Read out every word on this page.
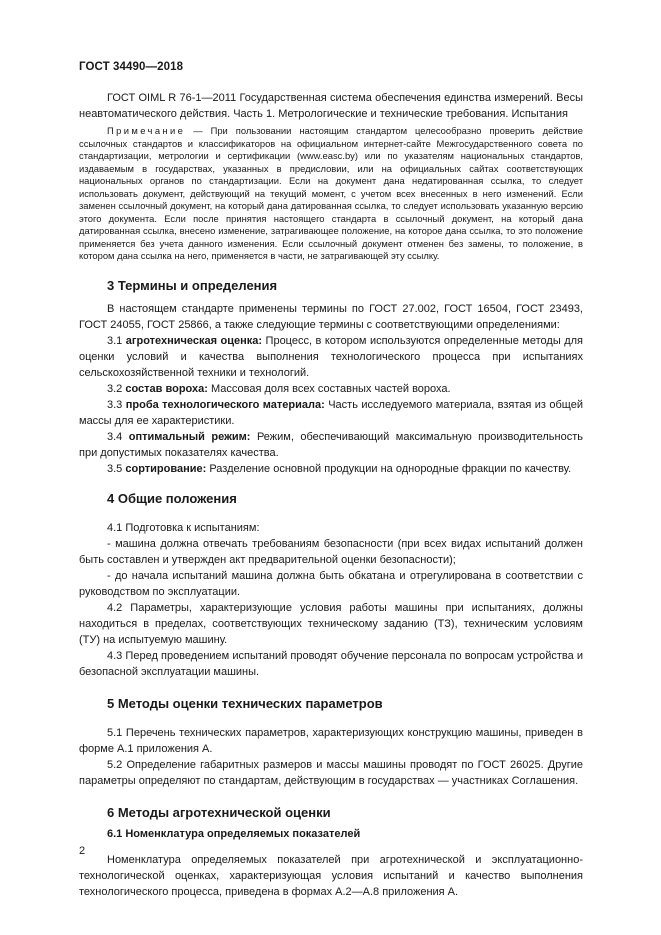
ГОСТ 34490—2018

ГОСТ OIML R 76-1—2011 Государственная система обеспечения единства измерений. Весы неавтоматического действия. Часть 1. Метрологические и технические требования. Испытания

Примечание — При пользовании настоящим стандартом целесообразно проверить действие ссылочных стандартов и классификаторов на официальном интернет-сайте Межгосударственного совета по стандартизации, метрологии и сертификации (www.easc.by) или по указателям национальных стандартов, издаваемым в государствах, указанных в предисловии, или на официальных сайтах соответствующих национальных органов по стандартизации. Если на документ дана недатированная ссылка, то следует использовать документ, действующий на текущий момент, с учетом всех внесенных в него изменений. Если заменен ссылочный документ, на который дана датированная ссылка, то следует использовать указанную версию этого документа. Если после принятия настоящего стандарта в ссылочный документ, на который дана датированная ссылка, внесено изменение, затрагивающее положение, на которое дана ссылка, то это положение применяется без учета данного изменения. Если ссылочный документ отменен без замены, то положение, в котором дана ссылка на него, применяется в части, не затрагивающей эту ссылку.

3 Термины и определения

В настоящем стандарте применены термины по ГОСТ 27.002, ГОСТ 16504, ГОСТ 23493, ГОСТ 24055, ГОСТ 25866, а также следующие термины с соответствующими определениями:

3.1 агротехническая оценка: Процесс, в котором используются определенные методы для оценки условий и качества выполнения технологического процесса при испытаниях сельскохозяйственной техники и технологий.

3.2 состав вороха: Массовая доля всех составных частей вороха.

3.3 проба технологического материала: Часть исследуемого материала, взятая из общей массы для ее характеристики.

3.4 оптимальный режим: Режим, обеспечивающий максимальную производительность при допустимых показателях качества.

3.5 сортирование: Разделение основной продукции на однородные фракции по качеству.

4 Общие положения

4.1 Подготовка к испытаниям:

- машина должна отвечать требованиям безопасности (при всех видах испытаний должен быть составлен и утвержден акт предварительной оценки безопасности);

- до начала испытаний машина должна быть обкатана и отрегулирована в соответствии с руководством по эксплуатации.

4.2 Параметры, характеризующие условия работы машины при испытаниях, должны находиться в пределах, соответствующих техническому заданию (ТЗ), техническим условиям (ТУ) на испытуемую машину.

4.3 Перед проведением испытаний проводят обучение персонала по вопросам устройства и безопасной эксплуатации машины.

5 Методы оценки технических параметров

5.1 Перечень технических параметров, характеризующих конструкцию машины, приведен в форме А.1 приложения А.

5.2 Определение габаритных размеров и массы машины проводят по ГОСТ 26025. Другие параметры определяют по стандартам, действующим в государствах — участниках Соглашения.

6 Методы агротехнической оценки
6.1 Номенклатура определяемых показателей

Номенклатура определяемых показателей при агротехнической и эксплуатационно-технологической оценках, характеризующая условия испытаний и качество выполнения технологического процесса, приведена в формах А.2—А.8 приложения А.

2
